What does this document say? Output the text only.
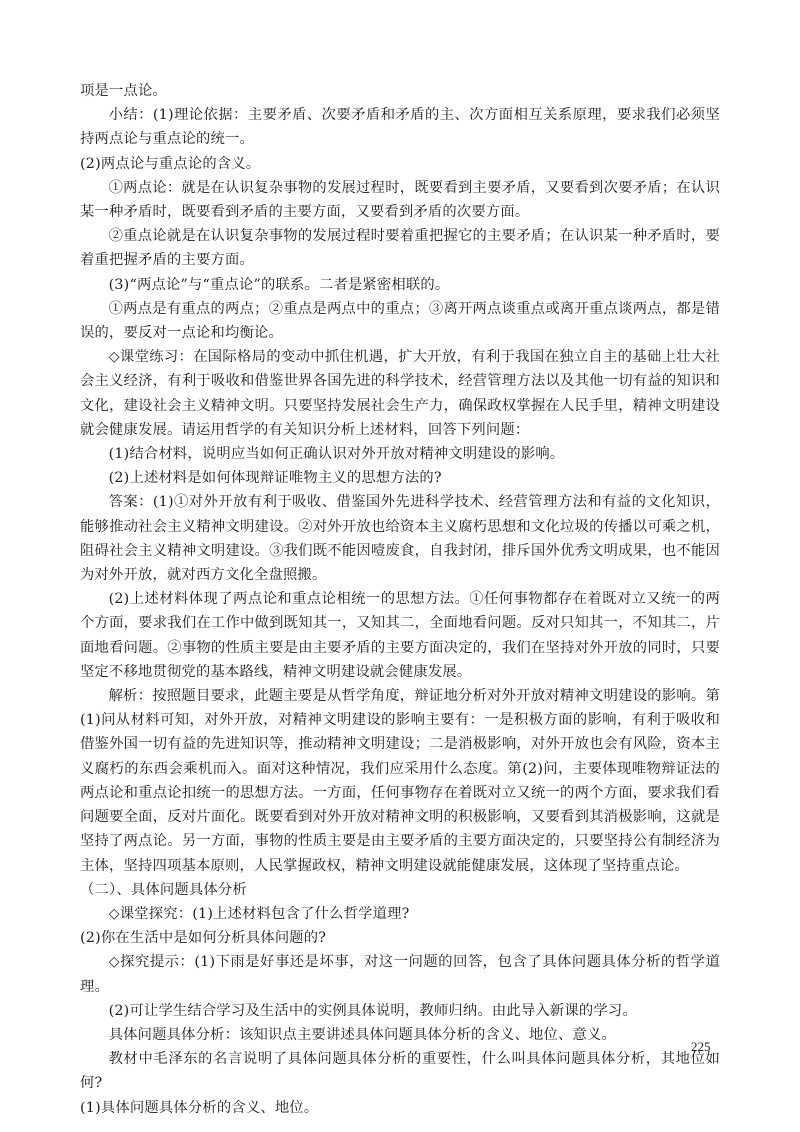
项是一点论。

小结：(1)理论依据：主要矛盾、次要矛盾和矛盾的主、次方面相互关系原理，要求我们必须坚持两点论与重点论的统一。

(2)两点论与重点论的含义。

①两点论：就是在认识复杂事物的发展过程时，既要看到主要矛盾，又要看到次要矛盾；在认识某一种矛盾时，既要看到矛盾的主要方面，又要看到矛盾的次要方面。

②重点论就是在认识复杂事物的发展过程时要着重把握它的主要矛盾；在认识某一种矛盾时，要着重把握矛盾的主要方面。

(3)“两点论”与“重点论”的联系。二者是紧密相联的。

①两点是有重点的两点；②重点是两点中的重点；③离开两点谈重点或离开重点谈两点，都是错误的，要反对一点论和均衡论。

◇课堂练习：在国际格局的变动中抓住机遇，扩大开放，有利于我国在独立自主的基础上壮大社会主义经济，有利于吸收和借鉴世界各国先进的科学技术，经营管理方法以及其他一切有益的知识和文化，建设社会主义精神文明。只要坚持发展社会生产力，确保政权掌握在人民手里，精神文明建设就会健康发展。请运用哲学的有关知识分析上述材料，回答下列问题：

(1)结合材料，说明应当如何正确认识对外开放对精神文明建设的影响。

(2)上述材料是如何体现辩证唯物主义的思想方法的?

答案：(1)①对外开放有利于吸收、借鉴国外先进科学技术、经营管理方法和有益的文化知识，能够推动社会主义精神文明建设。②对外开放也给资本主义腐朽思想和文化垃圾的传播以可乘之机，阻碍社会主义精神文明建设。③我们既不能因噎废食，自我封闭，排斥国外优秀文明成果，也不能因为对外开放，就对西方文化全盘照搬。

(2)上述材料体现了两点论和重点论相统一的思想方法。①任何事物都存在着既对立又统一的两个方面，要求我们在工作中做到既知其一，又知其二，全面地看问题。反对只知其一，不知其二，片面地看问题。②事物的性质主要是由主要矛盾的主要方面决定的，我们在坚持对外开放的同时，只要坚定不移地贯彻党的基本路线，精神文明建设就会健康发展。

解析：按照题目要求，此题主要是从哲学角度，辩证地分析对外开放对精神文明建设的影响。第(1)问从材料可知，对外开放，对精神文明建设的影响主要有：一是积极方面的影响，有利于吸收和借鉴外国一切有益的先进知识等，推动精神文明建设；二是消极影响，对外开放也会有风险，资本主义腐朽的东西会乘机而入。面对这种情况，我们应采用什么态度。第(2)问，主要体现唯物辩证法的两点论和重点论扣统一的思想方法。一方面，任何事物存在着既对立又统一的两个方面，要求我们看问题要全面，反对片面化。既要看到对外开放对精神文明的积极影响，又要看到其消极影响，这就是坚持了两点论。另一方面，事物的性质主要是由主要矛盾的主要方面决定的，只要坚持公有制经济为主体，坚持四项基本原则，人民掌握政权，精神文明建设就能健康发展，这体现了坚持重点论。

（二）、具体问题具体分析

◇课堂探究：(1)上述材料包含了什么哲学道理?

(2)你在生活中是如何分析具体问题的?

◇探究提示：(1)下雨是好事还是坏事，对这一问题的回答，包含了具体问题具体分析的哲学道理。

(2)可让学生结合学习及生活中的实例具体说明，教师归纳。由此导入新课的学习。

具体问题具体分析：该知识点主要讲述具体问题具体分析的含义、地位、意义。

教材中毛泽东的名言说明了具体问题具体分析的重要性，什么叫具体问题具体分析，其地位如何?

(1)具体问题具体分析的含义、地位。

225
